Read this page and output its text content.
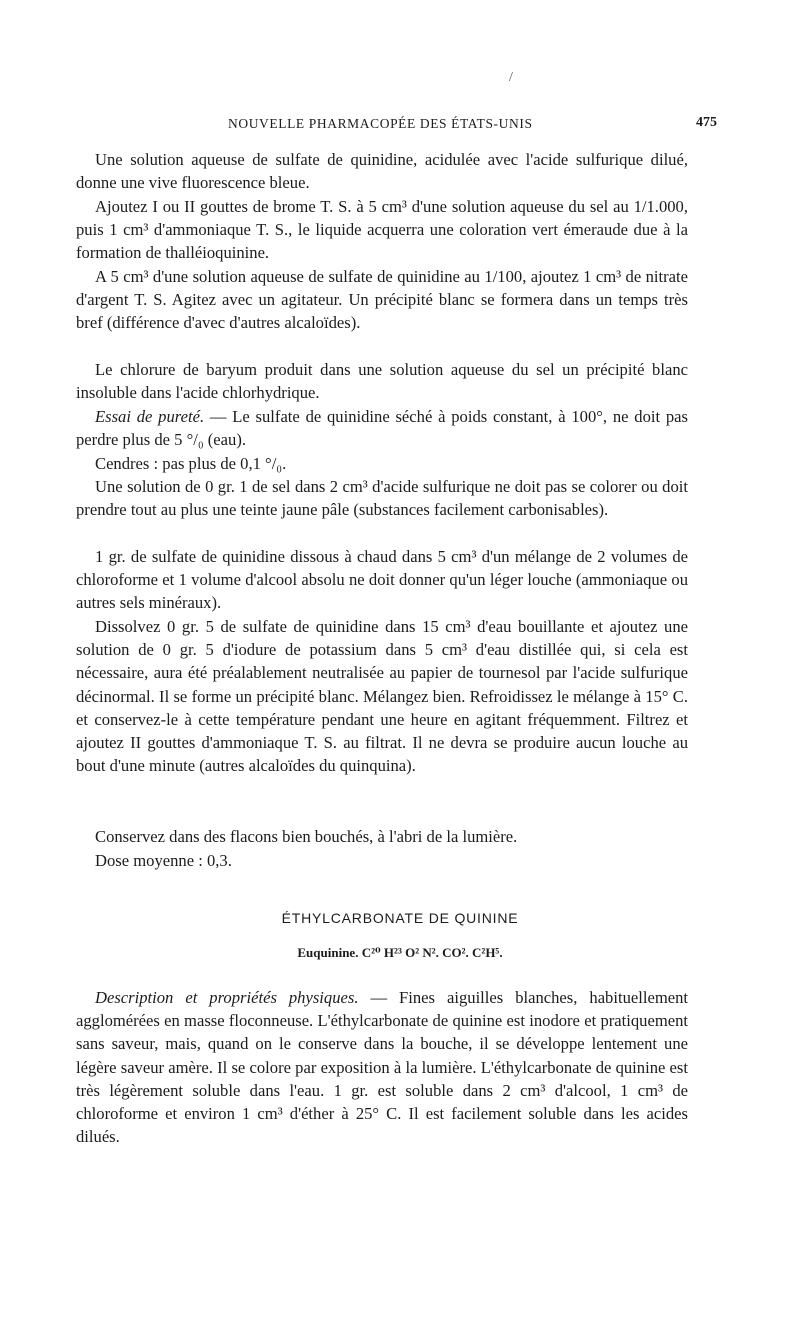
/
NOUVELLE PHARMACOPÉE DES ÉTATS-UNIS	475

Une solution aqueuse de sulfate de quinidine, acidulée avec l'acide sulfurique dilué, donne une vive fluorescence bleue.

Ajoutez I ou II gouttes de brome T. S. à 5 cm³ d'une solution aqueuse du sel au 1/1.000, puis 1 cm³ d'ammoniaque T. S., le liquide acquerra une coloration vert émeraude due à la formation de thalléioquinine.

A 5 cm³ d'une solution aqueuse de sulfate de quinidine au 1/100, ajoutez 1 cm³ de nitrate d'argent T. S. Agitez avec un agitateur. Un précipité blanc se formera dans un temps très bref (différence d'avec d'autres alcaloïdes).

Le chlorure de baryum produit dans une solution aqueuse du sel un précipité blanc insoluble dans l'acide chlorhydrique.

Essai de pureté. — Le sulfate de quinidine séché à poids constant, à 100°, ne doit pas perdre plus de 5 °/₀ (eau).

Cendres : pas plus de 0,1 °/₀.

Une solution de 0 gr. 1 de sel dans 2 cm³ d'acide sulfurique ne doit pas se colorer ou doit prendre tout au plus une teinte jaune pâle (substances facilement carbonisables).

1 gr. de sulfate de quinidine dissous à chaud dans 5 cm³ d'un mélange de 2 volumes de chloroforme et 1 volume d'alcool absolu ne doit donner qu'un léger louche (ammoniaque ou autres sels minéraux).

Dissolvez 0 gr. 5 de sulfate de quinidine dans 15 cm³ d'eau bouillante et ajoutez une solution de 0 gr. 5 d'iodure de potassium dans 5 cm³ d'eau distillée qui, si cela est nécessaire, aura été préalablement neutralisée au papier de tournesol par l'acide sulfurique décinormal. Il se forme un précipité blanc. Mélangez bien. Refroidissez le mélange à 15° C. et conservez-le à cette température pendant une heure en agitant fréquemment. Filtrez et ajoutez II gouttes d'ammoniaque T. S. au filtrat. Il ne devra se produire aucun louche au bout d'une minute (autres alcaloïdes du quinquina).

Conservez dans des flacons bien bouchés, à l'abri de la lumière.

Dose moyenne : 0,3.

ÉTHYLCARBONATE DE QUININE
Euquinine. C²⁰ H²³ O² N². CO². C²H⁵.

Description et propriétés physiques. — Fines aiguilles blanches, habituellement agglomérées en masse floconneuse. L'éthylcarbonate de quinine est inodore et pratiquement sans saveur, mais, quand on le conserve dans la bouche, il se développe lentement une légère saveur amère. Il se colore par exposition à la lumière. L'éthylcarbonate de quinine est très légèrement soluble dans l'eau. 1 gr. est soluble dans 2 cm³ d'alcool, 1 cm³ de chloroforme et environ 1 cm³ d'éther à 25° C. Il est facilement soluble dans les acides dilués.
